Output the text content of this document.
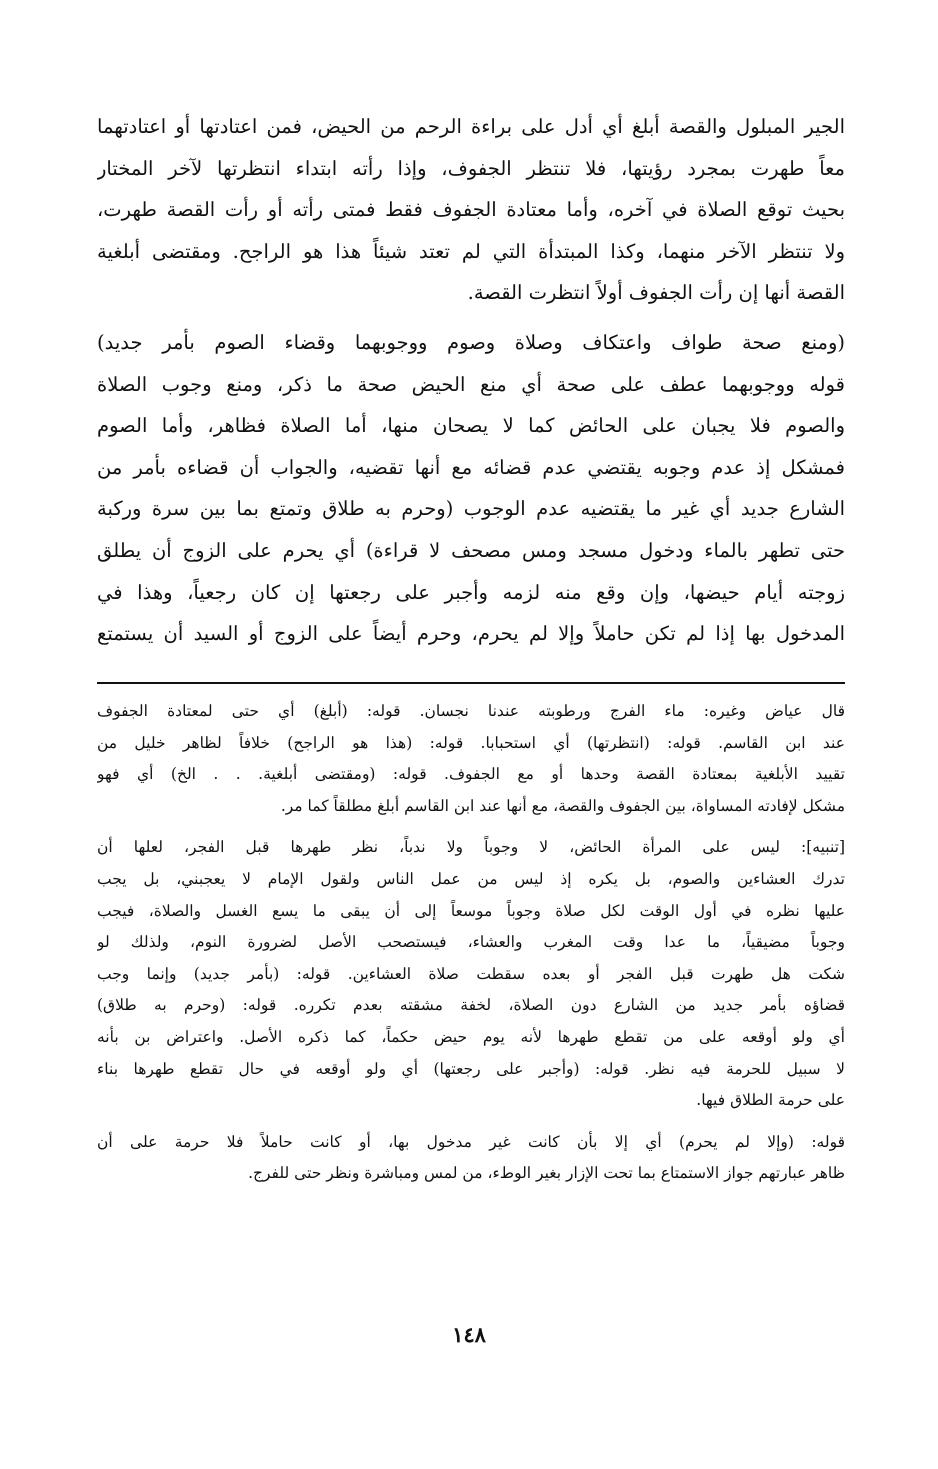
الجير المبلول والقصة أبلغ أي أدل على براءة الرحم من الحيض، فمن اعتادتها أو اعتادتهما
معاً طهرت بمجرد رؤيتها، فلا تنتظر الجفوف، وإذا رأته ابتداء انتظرتها لآخر المختار
بحيث توقع الصلاة في آخره، وأما معتادة الجفوف فقط فمتى رأته أو رأت القصة طهرت،
ولا تنتظر الآخر منهما، وكذا المبتدأة التي لم تعتد شيئاً هذا هو الراجح. ومقتضى أبلغية
القصة أنها إن رأت الجفوف أولاً انتظرت القصة.
(ومنع صحة طواف واعتكاف وصلاة وصوم ووجوبهما وقضاء الصوم بأمر جديد)
قوله ووجوبهما عطف على صحة أي منع الحيض صحة ما ذكر، ومنع وجوب الصلاة
والصوم فلا يجبان على الحائض كما لا يصحان منها، أما الصلاة فظاهر، وأما الصوم
فمشكل إذ عدم وجوبه يقتضي عدم قضائه مع أنها تقضيه، والجواب أن قضاءه بأمر من
الشارع جديد أي غير ما يقتضيه عدم الوجوب (وحرم به طلاق وتمتع بما بين سرة وركبة
حتى تطهر بالماء ودخول مسجد ومس مصحف لا قراءة) أي يحرم على الزوج أن يطلق
زوجته أيام حيضها، وإن وقع منه لزمه وأجبر على رجعتها إن كان رجعياً، وهذا في
المدخول بها إذا لم تكن حاملاً وإلا لم يحرم، وحرم أيضاً على الزوج أو السيد أن يستمتع
قال عياض وغيره: ماء الفرج ورطوبته عندنا نجسان. قوله: (أبلغ) أي حتى لمعتادة الجفوف
عند ابن القاسم. قوله: (انتظرتها) أي استحبابا. قوله: (هذا هو الراجح) خلافاً لظاهر خليل من
تقييد الأبلغية بمعتادة القصة وحدها أو مع الجفوف. قوله: (ومقتضى أبلغية. . . الخ) أي فهو
مشكل لإفادته المساواة، بين الجفوف والقصة، مع أنها عند ابن القاسم أبلغ مطلقاً كما مر.
[تنبيه]: ليس على المرأة الحائض، لا وجوباً ولا ندباً، نظر طهرها قبل الفجر، لعلها أن
تدرك العشاءين والصوم، بل يكره إذ ليس من عمل الناس ولقول الإمام لا يعجبني، بل يجب
عليها نظره في أول الوقت لكل صلاة وجوباً موسعاً إلى أن يبقى ما يسع الغسل والصلاة، فيجب
وجوباً مضيقياً، ما عدا وقت المغرب والعشاء، فيستصحب الأصل لضرورة النوم، ولذلك لو
شكت هل طهرت قبل الفجر أو بعده سقطت صلاة العشاءين. قوله: (بأمر جديد) وإنما وجب
قضاؤه بأمر جديد من الشارع دون الصلاة، لخفة مشقته بعدم تكرره. قوله: (وحرم به طلاق)
أي ولو أوقعه على من تقطع طهرها لأنه يوم حيض حكماً، كما ذكره الأصل. واعتراض بن بأنه
لا سبيل للحرمة فيه نظر. قوله: (وأجبر على رجعتها) أي ولو أوقعه في حال تقطع طهرها بناء
على حرمة الطلاق فيها.
قوله: (وإلا لم يحرم) أي إلا بأن كانت غير مدخول بها، أو كانت حاملاً فلا حرمة على أن
ظاهر عبارتهم جواز الاستمتاع بما تحت الإزار بغير الوطء، من لمس ومباشرة ونظر حتى للفرج.
١٤٨
